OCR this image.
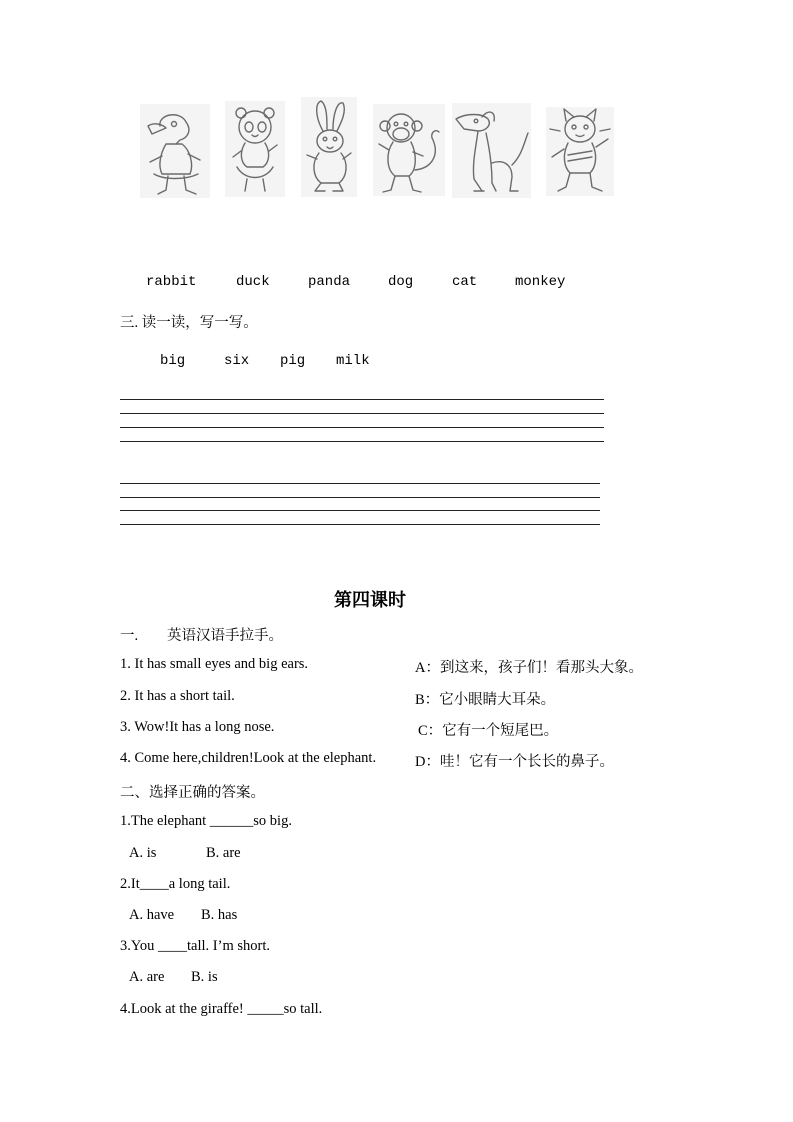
rabbit	duck	panda	dog	cat	monkey
三. 读一读，写一写。
big	six pig milk
第四课时
一. 英语汉语手拉手。
1. It has small eyes and big ears.
2. It has a short tail.
3. Wow!It has a long nose.
4. Come here,children!Look at the elephant.
A：到这来，孩子们！看那头大象。
B：它小眼睛大耳朵。
C：它有一个短尾巴。
D：哇！它有一个长长的鼻子。
二、选择正确的答案。
1.The elephant ______so big.
A. is	B. are
2.It____a long tail.
A. have B. has
3.You ____tall. I’m short.
A. are B. is
4.Look at the giraffe! _____so tall.
